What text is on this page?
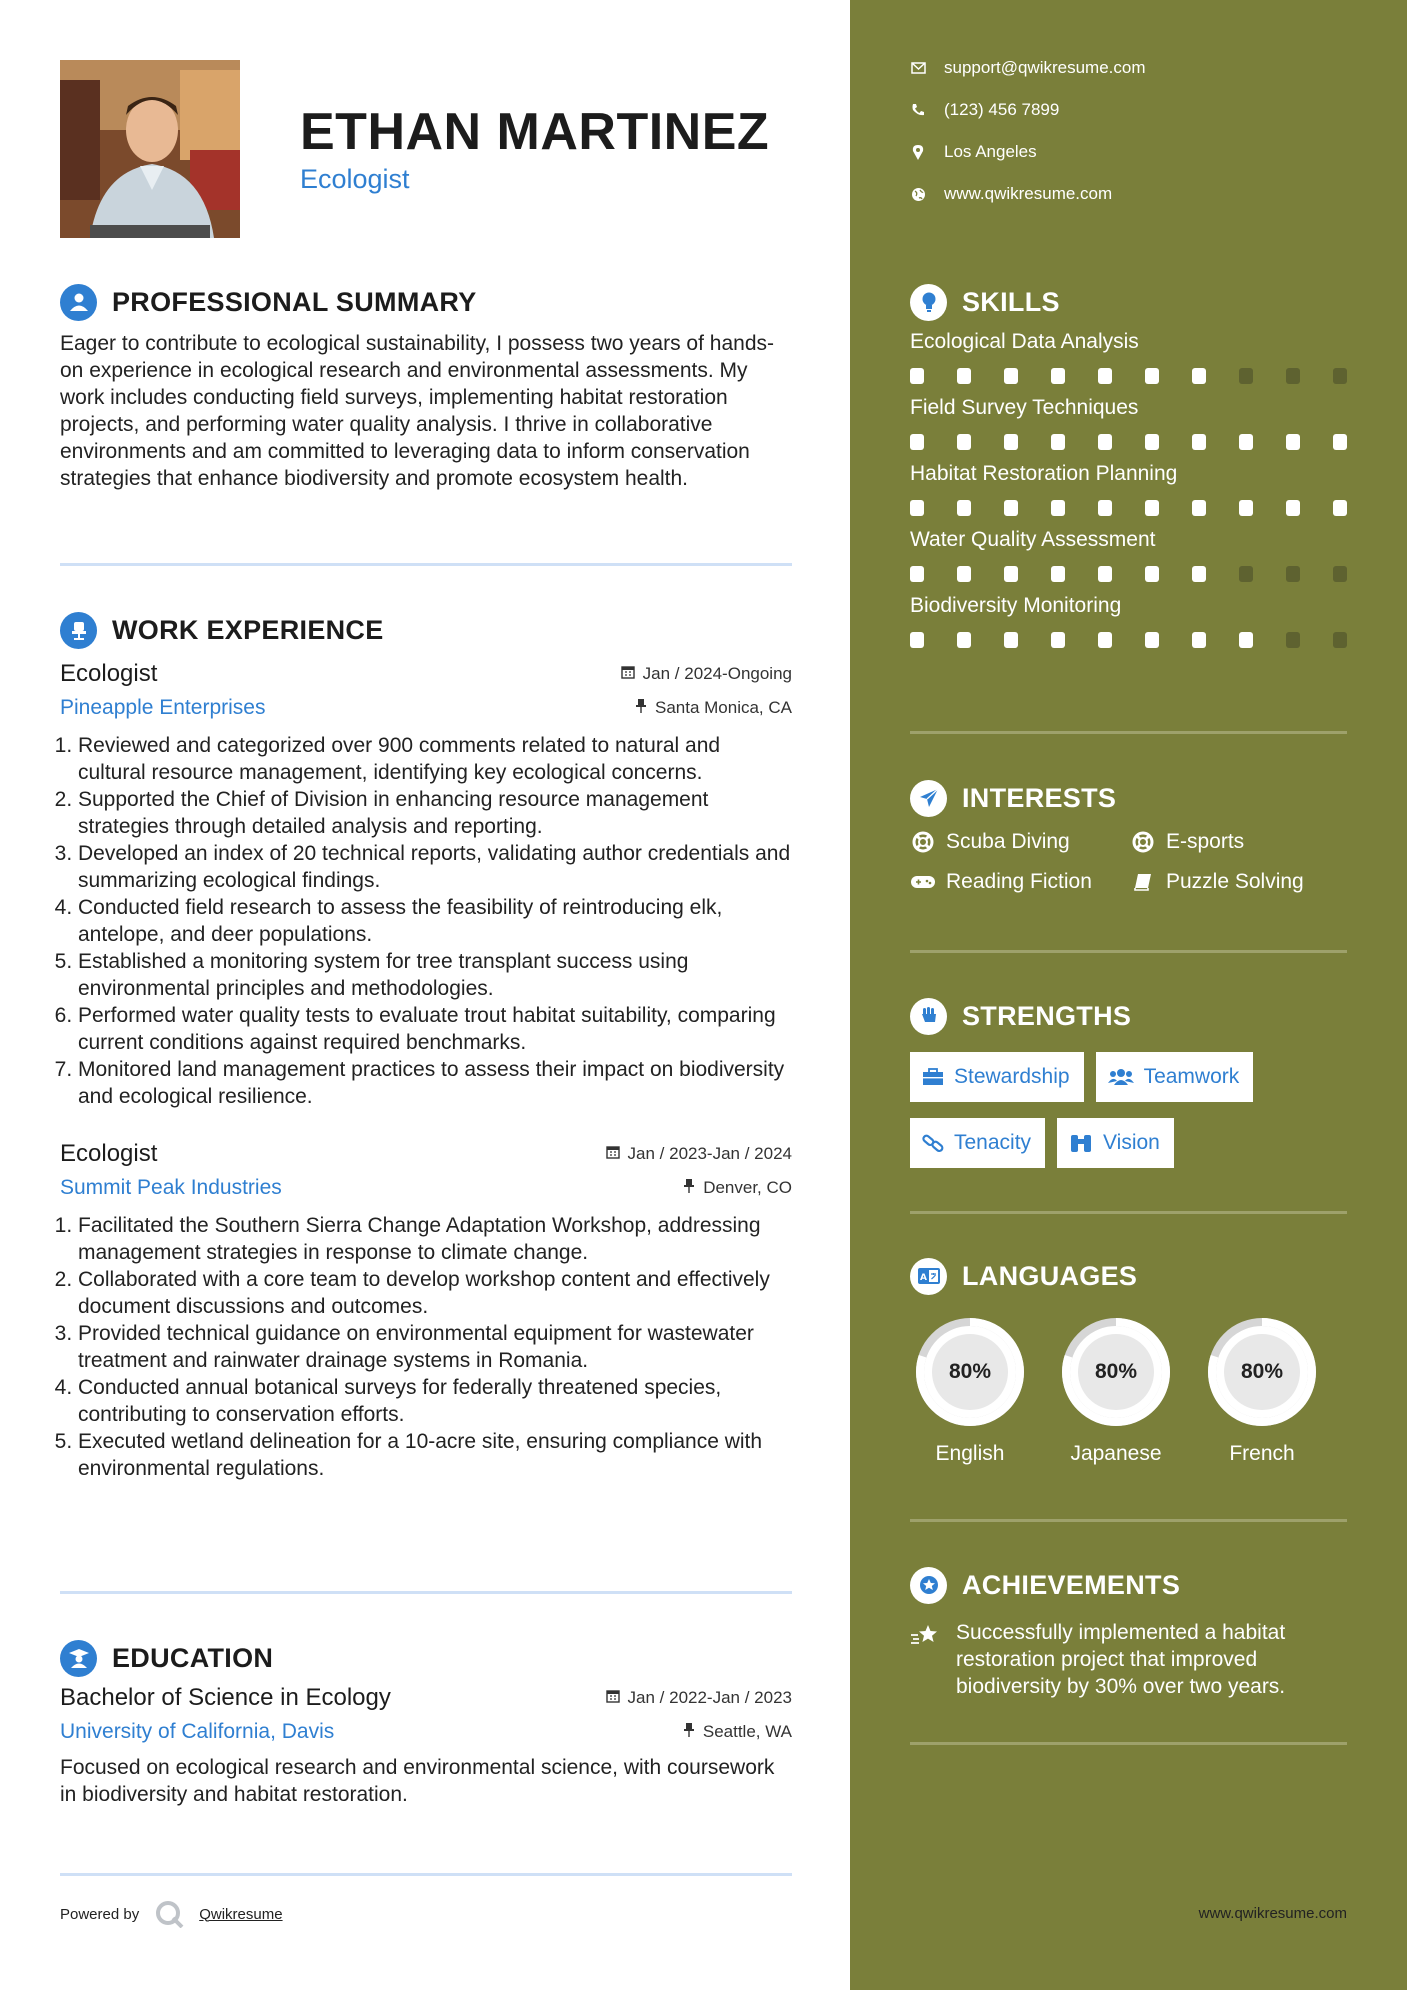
ETHAN MARTINEZ
Ecologist
PROFESSIONAL SUMMARY
Eager to contribute to ecological sustainability, I possess two years of hands-on experience in ecological research and environmental assessments. My work includes conducting field surveys, implementing habitat restoration projects, and performing water quality analysis. I thrive in collaborative environments and am committed to leveraging data to inform conservation strategies that enhance biodiversity and promote ecosystem health.
WORK EXPERIENCE
Ecologist	Jan / 2024-Ongoing
Pineapple Enterprises	Santa Monica, CA
1. Reviewed and categorized over 900 comments related to natural and cultural resource management, identifying key ecological concerns.
2. Supported the Chief of Division in enhancing resource management strategies through detailed analysis and reporting.
3. Developed an index of 20 technical reports, validating author credentials and summarizing ecological findings.
4. Conducted field research to assess the feasibility of reintroducing elk, antelope, and deer populations.
5. Established a monitoring system for tree transplant success using environmental principles and methodologies.
6. Performed water quality tests to evaluate trout habitat suitability, comparing current conditions against required benchmarks.
7. Monitored land management practices to assess their impact on biodiversity and ecological resilience.
Ecologist	Jan / 2023-Jan / 2024
Summit Peak Industries	Denver, CO
1. Facilitated the Southern Sierra Change Adaptation Workshop, addressing management strategies in response to climate change.
2. Collaborated with a core team to develop workshop content and effectively document discussions and outcomes.
3. Provided technical guidance on environmental equipment for wastewater treatment and rainwater drainage systems in Romania.
4. Conducted annual botanical surveys for federally threatened species, contributing to conservation efforts.
5. Executed wetland delineation for a 10-acre site, ensuring compliance with environmental regulations.
EDUCATION
Bachelor of Science in Ecology	Jan / 2022-Jan / 2023
University of California, Davis	Seattle, WA
Focused on ecological research and environmental science, with coursework in biodiversity and habitat restoration.
Powered by	Qwikresume
support@qwikresume.com
(123) 456 7899
Los Angeles
www.qwikresume.com
SKILLS
Ecological Data Analysis
Field Survey Techniques
Habitat Restoration Planning
Water Quality Assessment
Biodiversity Monitoring
INTERESTS
Scuba Diving	E-sports
Reading Fiction	Puzzle Solving
STRENGTHS
Stewardship	Teamwork
Tenacity	Vision
A LANGUAGES
80%
English
80%
Japanese
80%
French
ACHIEVEMENTS
Successfully implemented a habitat restoration project that improved biodiversity by 30% over two years.
www.qwikresume.com
